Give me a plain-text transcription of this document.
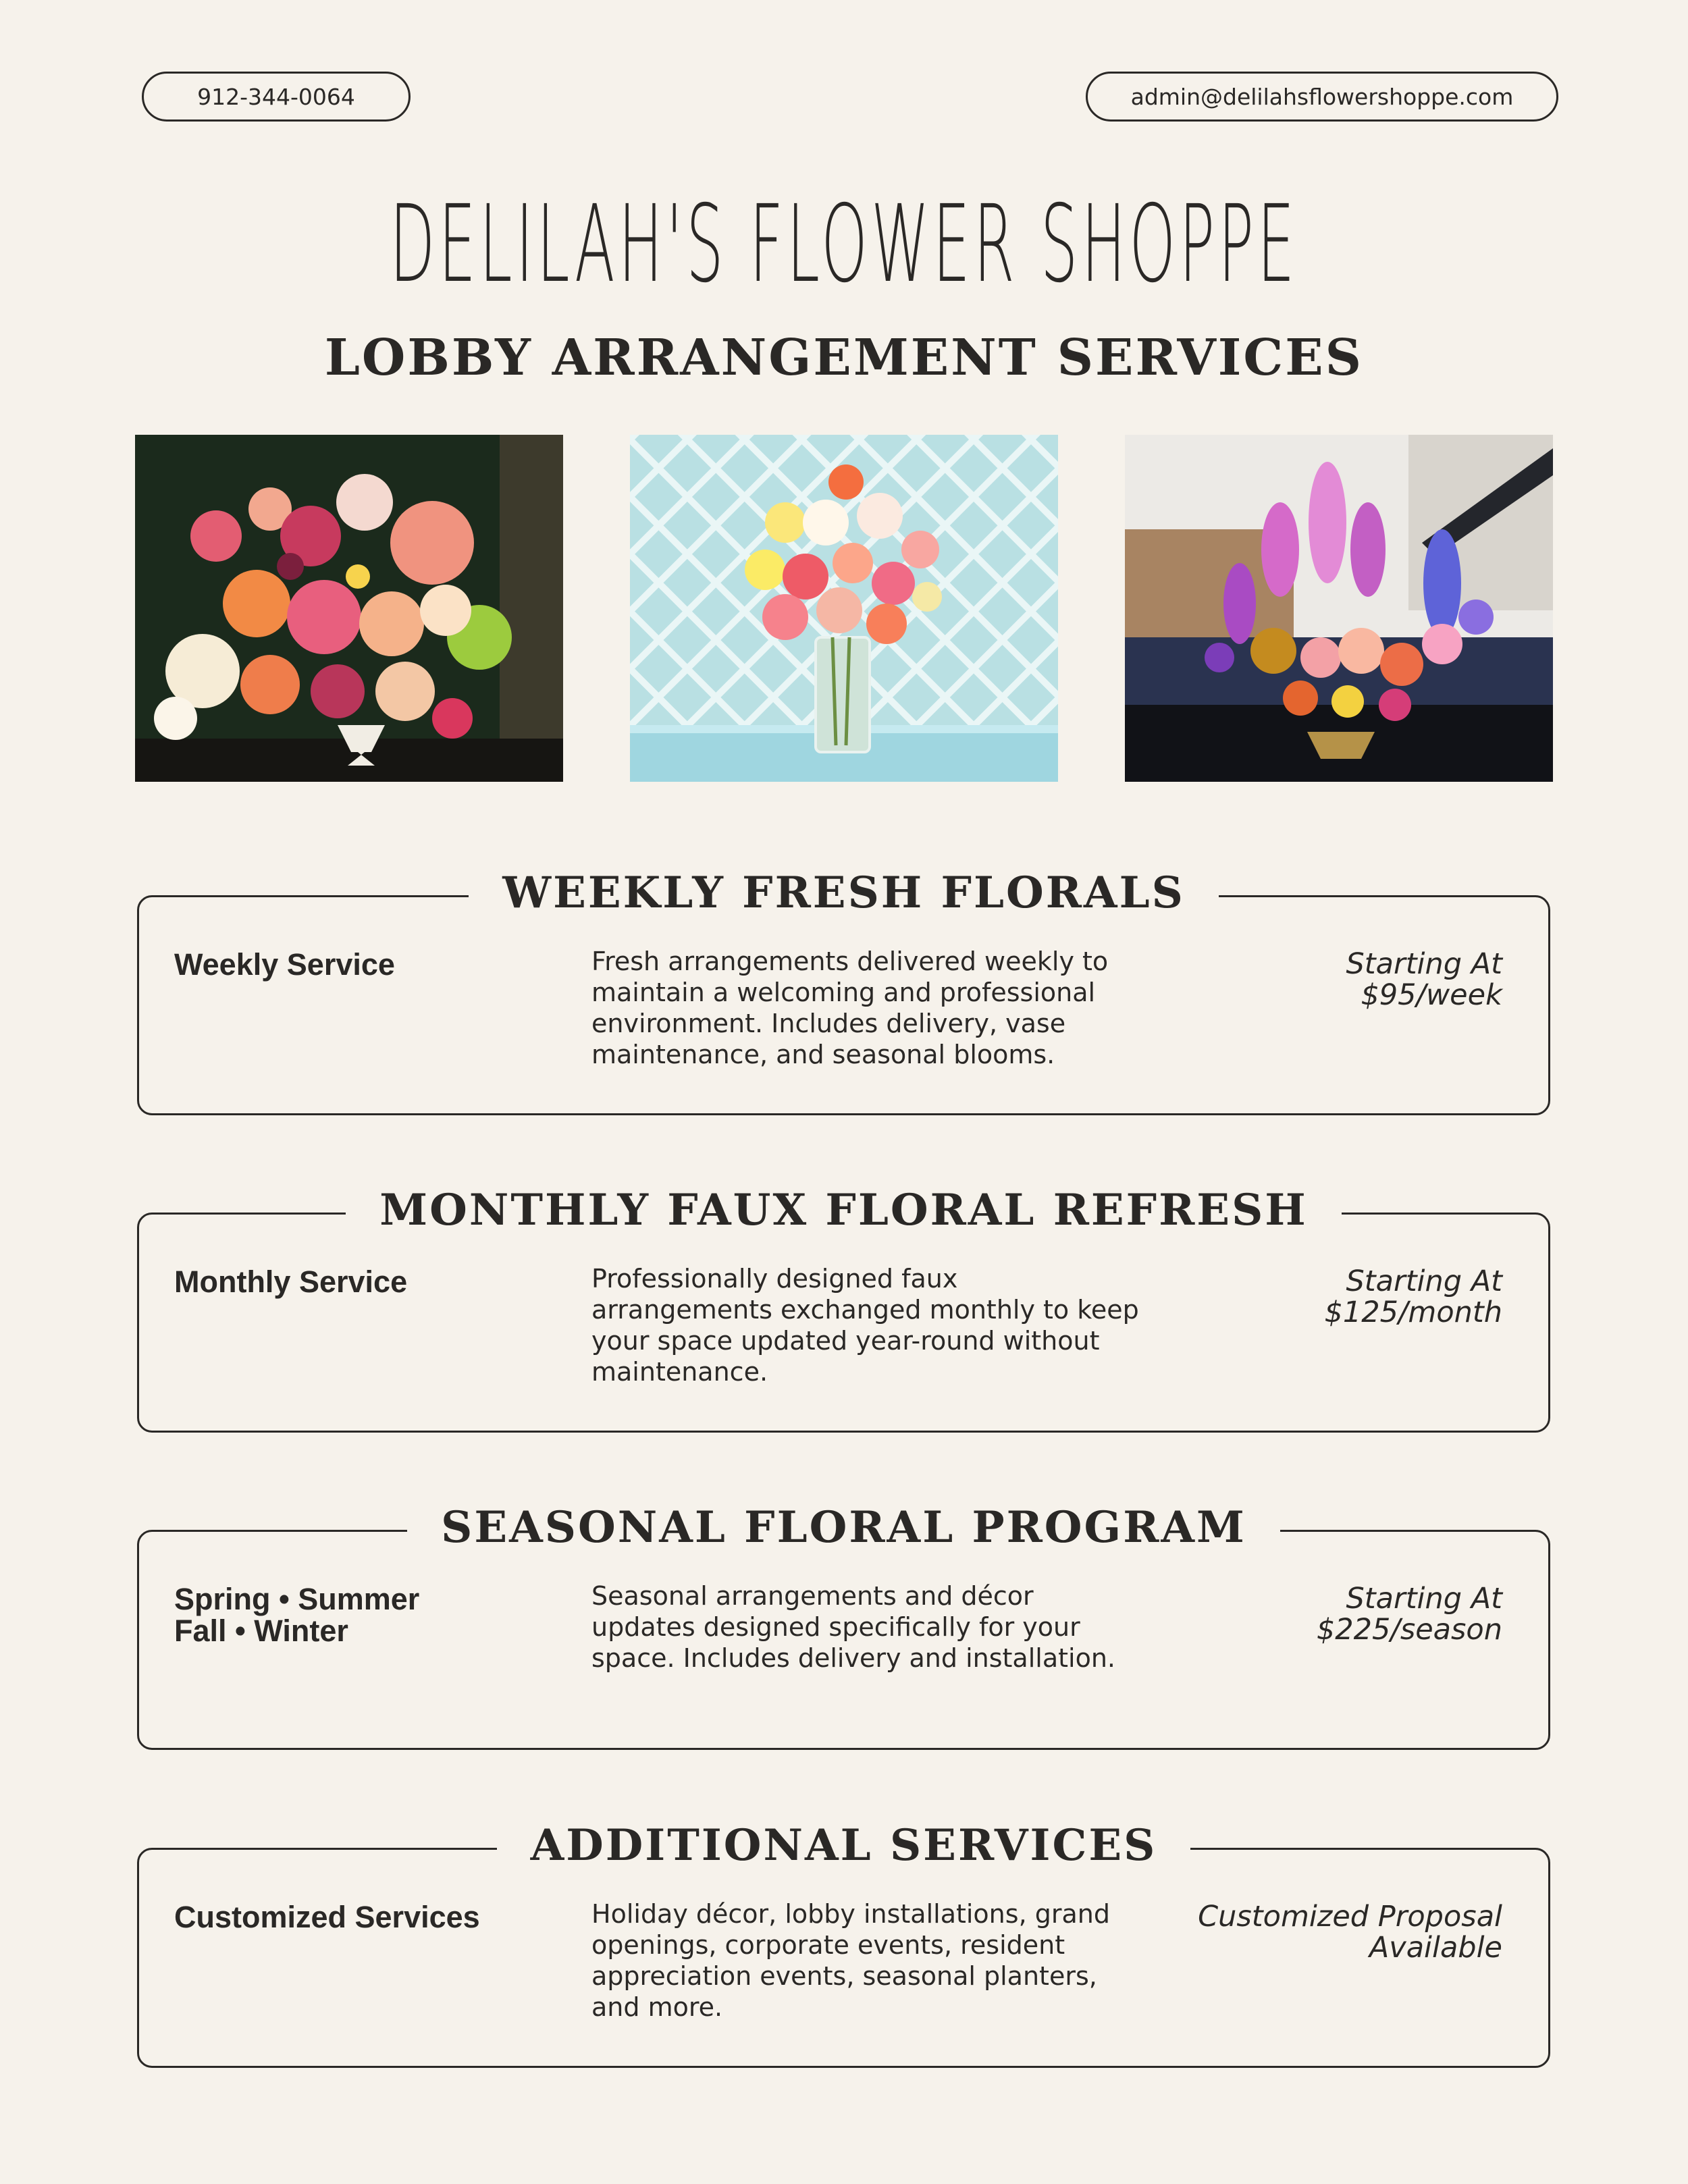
912-344-0064	admin@delilahsflowershoppe.com
DELILAH'S FLOWER SHOPPE
LOBBY ARRANGEMENT SERVICES
WEEKLY FRESH FLORALS
Weekly Service	Fresh arrangements delivered weekly to maintain a welcoming and professional environment. Includes delivery, vase maintenance, and seasonal blooms.
Starting At
$95/week
MONTHLY FAUX FLORAL REFRESH
Monthly Service	Professionally designed faux arrangements exchanged monthly to keep your space updated year-round without maintenance.
Starting At
$125/month
SEASONAL FLORAL PROGRAM
Spring • Summer
Fall • Winter
Seasonal arrangements and décor updates designed specifically for your space. Includes delivery and installation.
Starting At
$225/season
ADDITIONAL SERVICES
Customized Services	Holiday décor, lobby installations, grand openings, corporate events, resident appreciation events, seasonal planters, and more.
Customized Proposal
Available
